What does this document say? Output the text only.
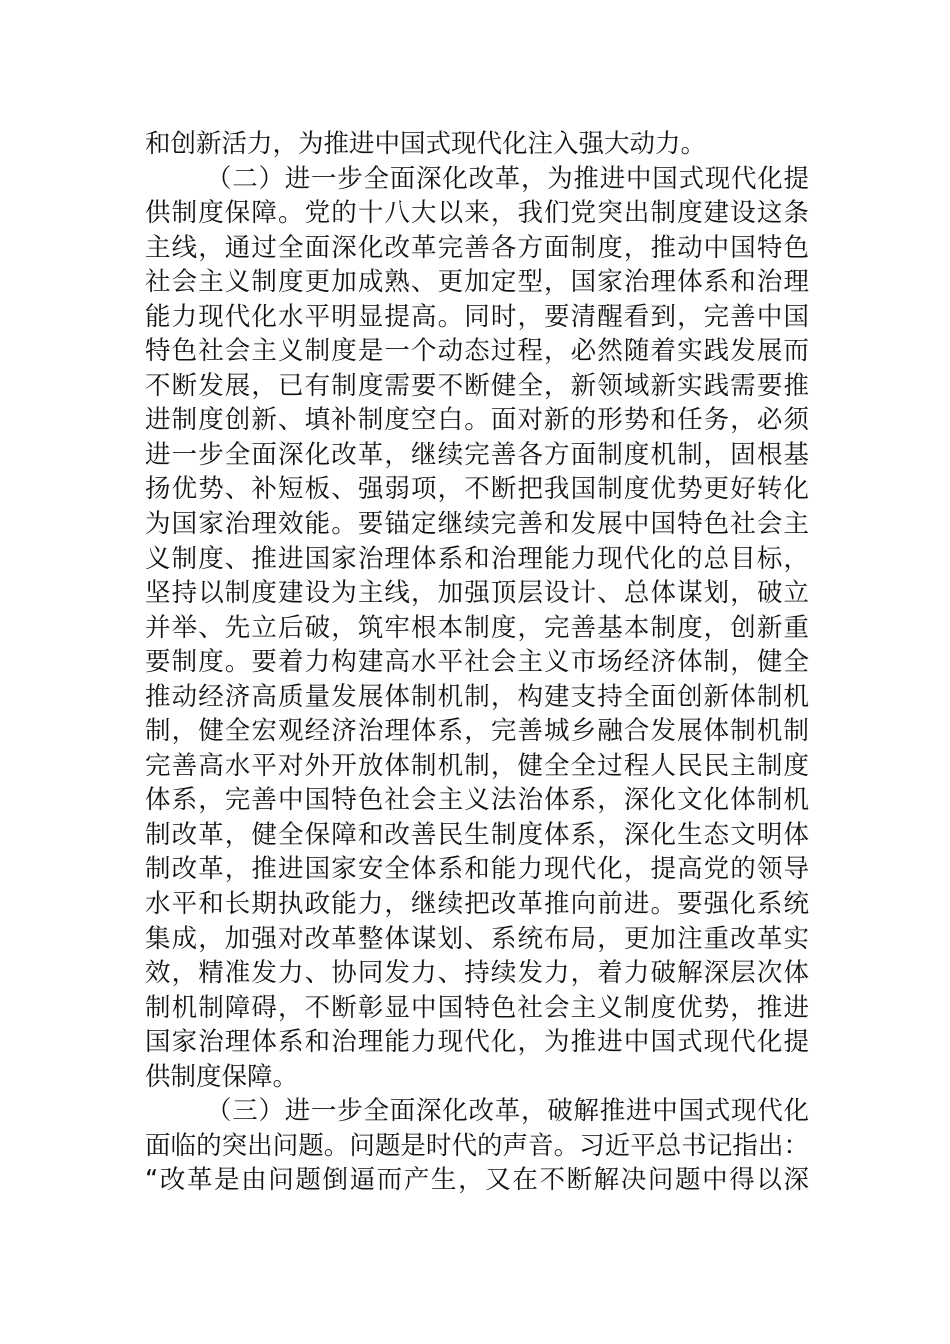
和创新活力，为推进中国式现代化注入强大动力。
（二）进一步全面深化改革，为推进中国式现代化提
供制度保障。党的十八大以来，我们党突出制度建设这条
主线，通过全面深化改革完善各方面制度，推动中国特色
社会主义制度更加成熟、更加定型，国家治理体系和治理
能力现代化水平明显提高。同时，要清醒看到，完善中国
特色社会主义制度是一个动态过程，必然随着实践发展而
不断发展，已有制度需要不断健全，新领域新实践需要推
进制度创新、填补制度空白。面对新的形势和任务，必须
进一步全面深化改革，继续完善各方面制度机制，固根基
扬优势、补短板、强弱项，不断把我国制度优势更好转化
为国家治理效能。要锚定继续完善和发展中国特色社会主
义制度、推进国家治理体系和治理能力现代化的总目标，
坚持以制度建设为主线，加强顶层设计、总体谋划，破立
并举、先立后破，筑牢根本制度，完善基本制度，创新重
要制度。要着力构建高水平社会主义市场经济体制，健全
推动经济高质量发展体制机制，构建支持全面创新体制机
制，健全宏观经济治理体系，完善城乡融合发展体制机制
完善高水平对外开放体制机制，健全全过程人民民主制度
体系，完善中国特色社会主义法治体系，深化文化体制机
制改革，健全保障和改善民生制度体系，深化生态文明体
制改革，推进国家安全体系和能力现代化，提高党的领导
水平和长期执政能力，继续把改革推向前进。要强化系统
集成，加强对改革整体谋划、系统布局，更加注重改革实
效，精准发力、协同发力、持续发力，着力破解深层次体
制机制障碍，不断彰显中国特色社会主义制度优势，推进
国家治理体系和治理能力现代化，为推进中国式现代化提
供制度保障。
（三）进一步全面深化改革，破解推进中国式现代化
面临的突出问题。问题是时代的声音。习近平总书记指出：
“改革是由问题倒逼而产生，又在不断解决问题中得以深
